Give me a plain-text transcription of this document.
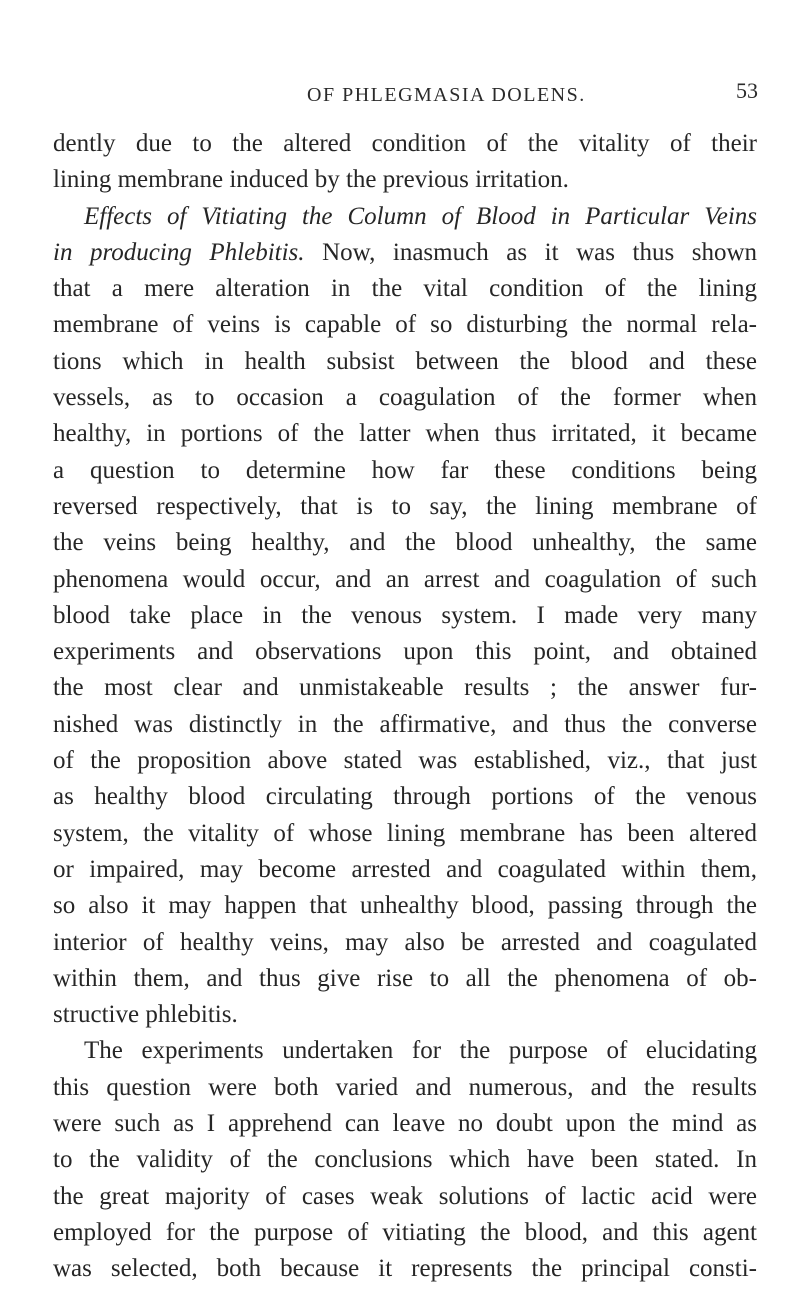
OF PHLEGMASIA DOLENS.	53
dently due to the altered condition of the vitality of their
lining membrane induced by the previous irritation.
Effects of Vitiating the Column of Blood in Particular Veins
in producing Phlebitis. Now, inasmuch as it was thus shown
that a mere alteration in the vital condition of the lining
membrane of veins is capable of so disturbing the normal rela-
tions which in health subsist between the blood and these
vessels, as to occasion a coagulation of the former when
healthy, in portions of the latter when thus irritated, it became
a question to determine how far these conditions being
reversed respectively, that is to say, the lining membrane of
the veins being healthy, and the blood unhealthy, the same
phenomena would occur, and an arrest and coagulation of such
blood take place in the venous system. I made very many
experiments and observations upon this point, and obtained
the most clear and unmistakeable results ; the answer fur-
nished was distinctly in the affirmative, and thus the converse
of the proposition above stated was established, viz., that just
as healthy blood circulating through portions of the venous
system, the vitality of whose lining membrane has been altered
or impaired, may become arrested and coagulated within them,
so also it may happen that unhealthy blood, passing through the
interior of healthy veins, may also be arrested and coagulated
within them, and thus give rise to all the phenomena of ob-
structive phlebitis.
The experiments undertaken for the purpose of elucidating
this question were both varied and numerous, and the results
were such as I apprehend can leave no doubt upon the mind as
to the validity of the conclusions which have been stated. In
the great majority of cases weak solutions of lactic acid were
employed for the purpose of vitiating the blood, and this agent
was selected, both because it represents the principal consti-
